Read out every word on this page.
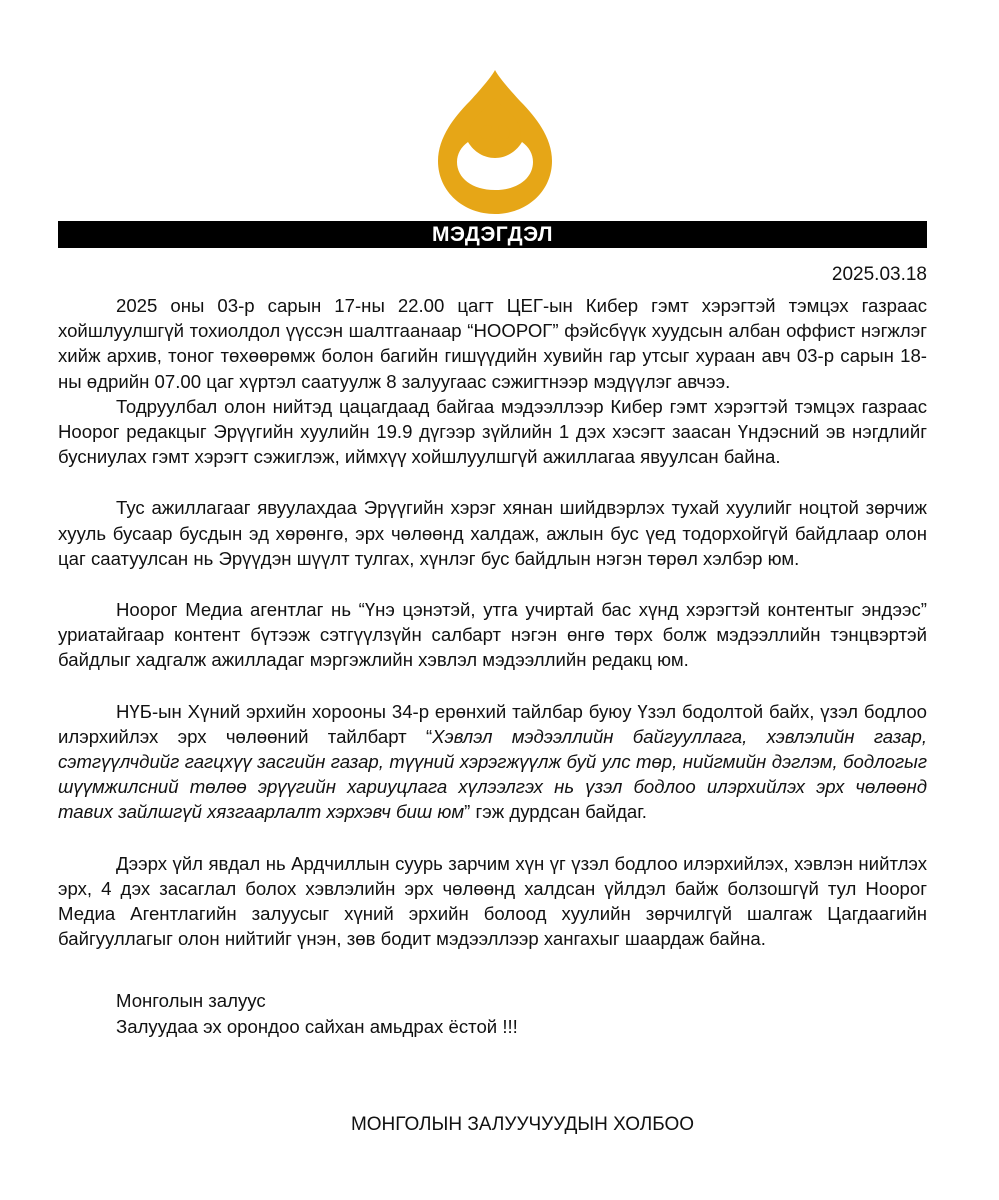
МЭДЭГДЭЛ
2025.03.18

2025 оны 03-р сарын 17-ны 22.00 цагт ЦЕГ-ын Кибер гэмт хэрэгтэй тэмцэх газраас хойшлуулшгүй тохиолдол үүссэн шалтгаанаар “НООРОГ” фэйсбүүк хуудсын албан оффист нэгжлэг хийж архив, тоног төхөөрөмж болон багийн гишүүдийн хувийн гар утсыг хураан авч 03-р сарын 18-ны өдрийн 07.00 цаг хүртэл саатуулж 8 залуугаас сэжигтнээр мэдүүлэг авчээ.

Тодруулбал олон нийтэд цацагдаад байгаа мэдээллээр Кибер гэмт хэрэгтэй тэмцэх газраас Ноорог редакцыг Эрүүгийн хуулийн 19.9 дүгээр зүйлийн 1 дэх хэсэгт заасан Үндэсний эв нэгдлийг бусниулах гэмт хэрэгт сэжиглэж, иймхүү хойшлуулшгүй ажиллагаа явуулсан байна.

Тус ажиллагааг явуулахдаа Эрүүгийн хэрэг хянан шийдвэрлэх тухай хуулийг ноцтой зөрчиж хууль бусаар бусдын эд хөрөнгө, эрх чөлөөнд халдаж, ажлын бус үед тодорхойгүй байдлаар олон цаг саатуулсан нь Эрүүдэн шүүлт тулгах, хүнлэг бус байдлын нэгэн төрөл хэлбэр юм.

Ноорог Медиа агентлаг нь “Үнэ цэнэтэй, утга учиртай бас хүнд хэрэгтэй контентыг эндээс” уриатайгаар контент бүтээж сэтгүүлзүйн салбарт нэгэн өнгө төрх болж мэдээллийн тэнцвэртэй байдлыг хадгалж ажилладаг мэргэжлийн хэвлэл мэдээллийн редакц юм.

НҮБ-ын Хүний эрхийн хорооны 34-р ерөнхий тайлбар буюу Үзэл бодолтой байх, үзэл бодлоо илэрхийлэх эрх чөлөөний тайлбарт “Хэвлэл мэдээллийн байгууллага, хэвлэлийн газар, сэтгүүлчдийг гагцхүү засгийн газар, түүний хэрэгжүүлж буй улс төр, нийгмийн дэглэм, бодлогыг шүүмжилсний төлөө эрүүгийн хариуцлага хүлээлгэх нь үзэл бодлоо илэрхийлэх эрх чөлөөнд тавих зайлшгүй хязгаарлалт хэрхэвч биш юм” гэж дурдсан байдаг.

Дээрх үйл явдал нь Ардчиллын суурь зарчим хүн үг үзэл бодлоо илэрхийлэх, хэвлэн нийтлэх эрх, 4 дэх засаглал болох хэвлэлийн эрх чөлөөнд халдсан үйлдэл байж болзошгүй тул Ноорог Медиа Агентлагийн залуусыг хүний эрхийн болоод хуулийн зөрчилгүй шалгаж Цагдаагийн байгууллагыг олон нийтийг үнэн, зөв бодит мэдээллээр хангахыг шаардаж байна.

Монголын залуус
Залуудаа эх орондоо сайхан амьдрах ёстой !!!
МОНГОЛЫН ЗАЛУУЧУУДЫН ХОЛБОО
